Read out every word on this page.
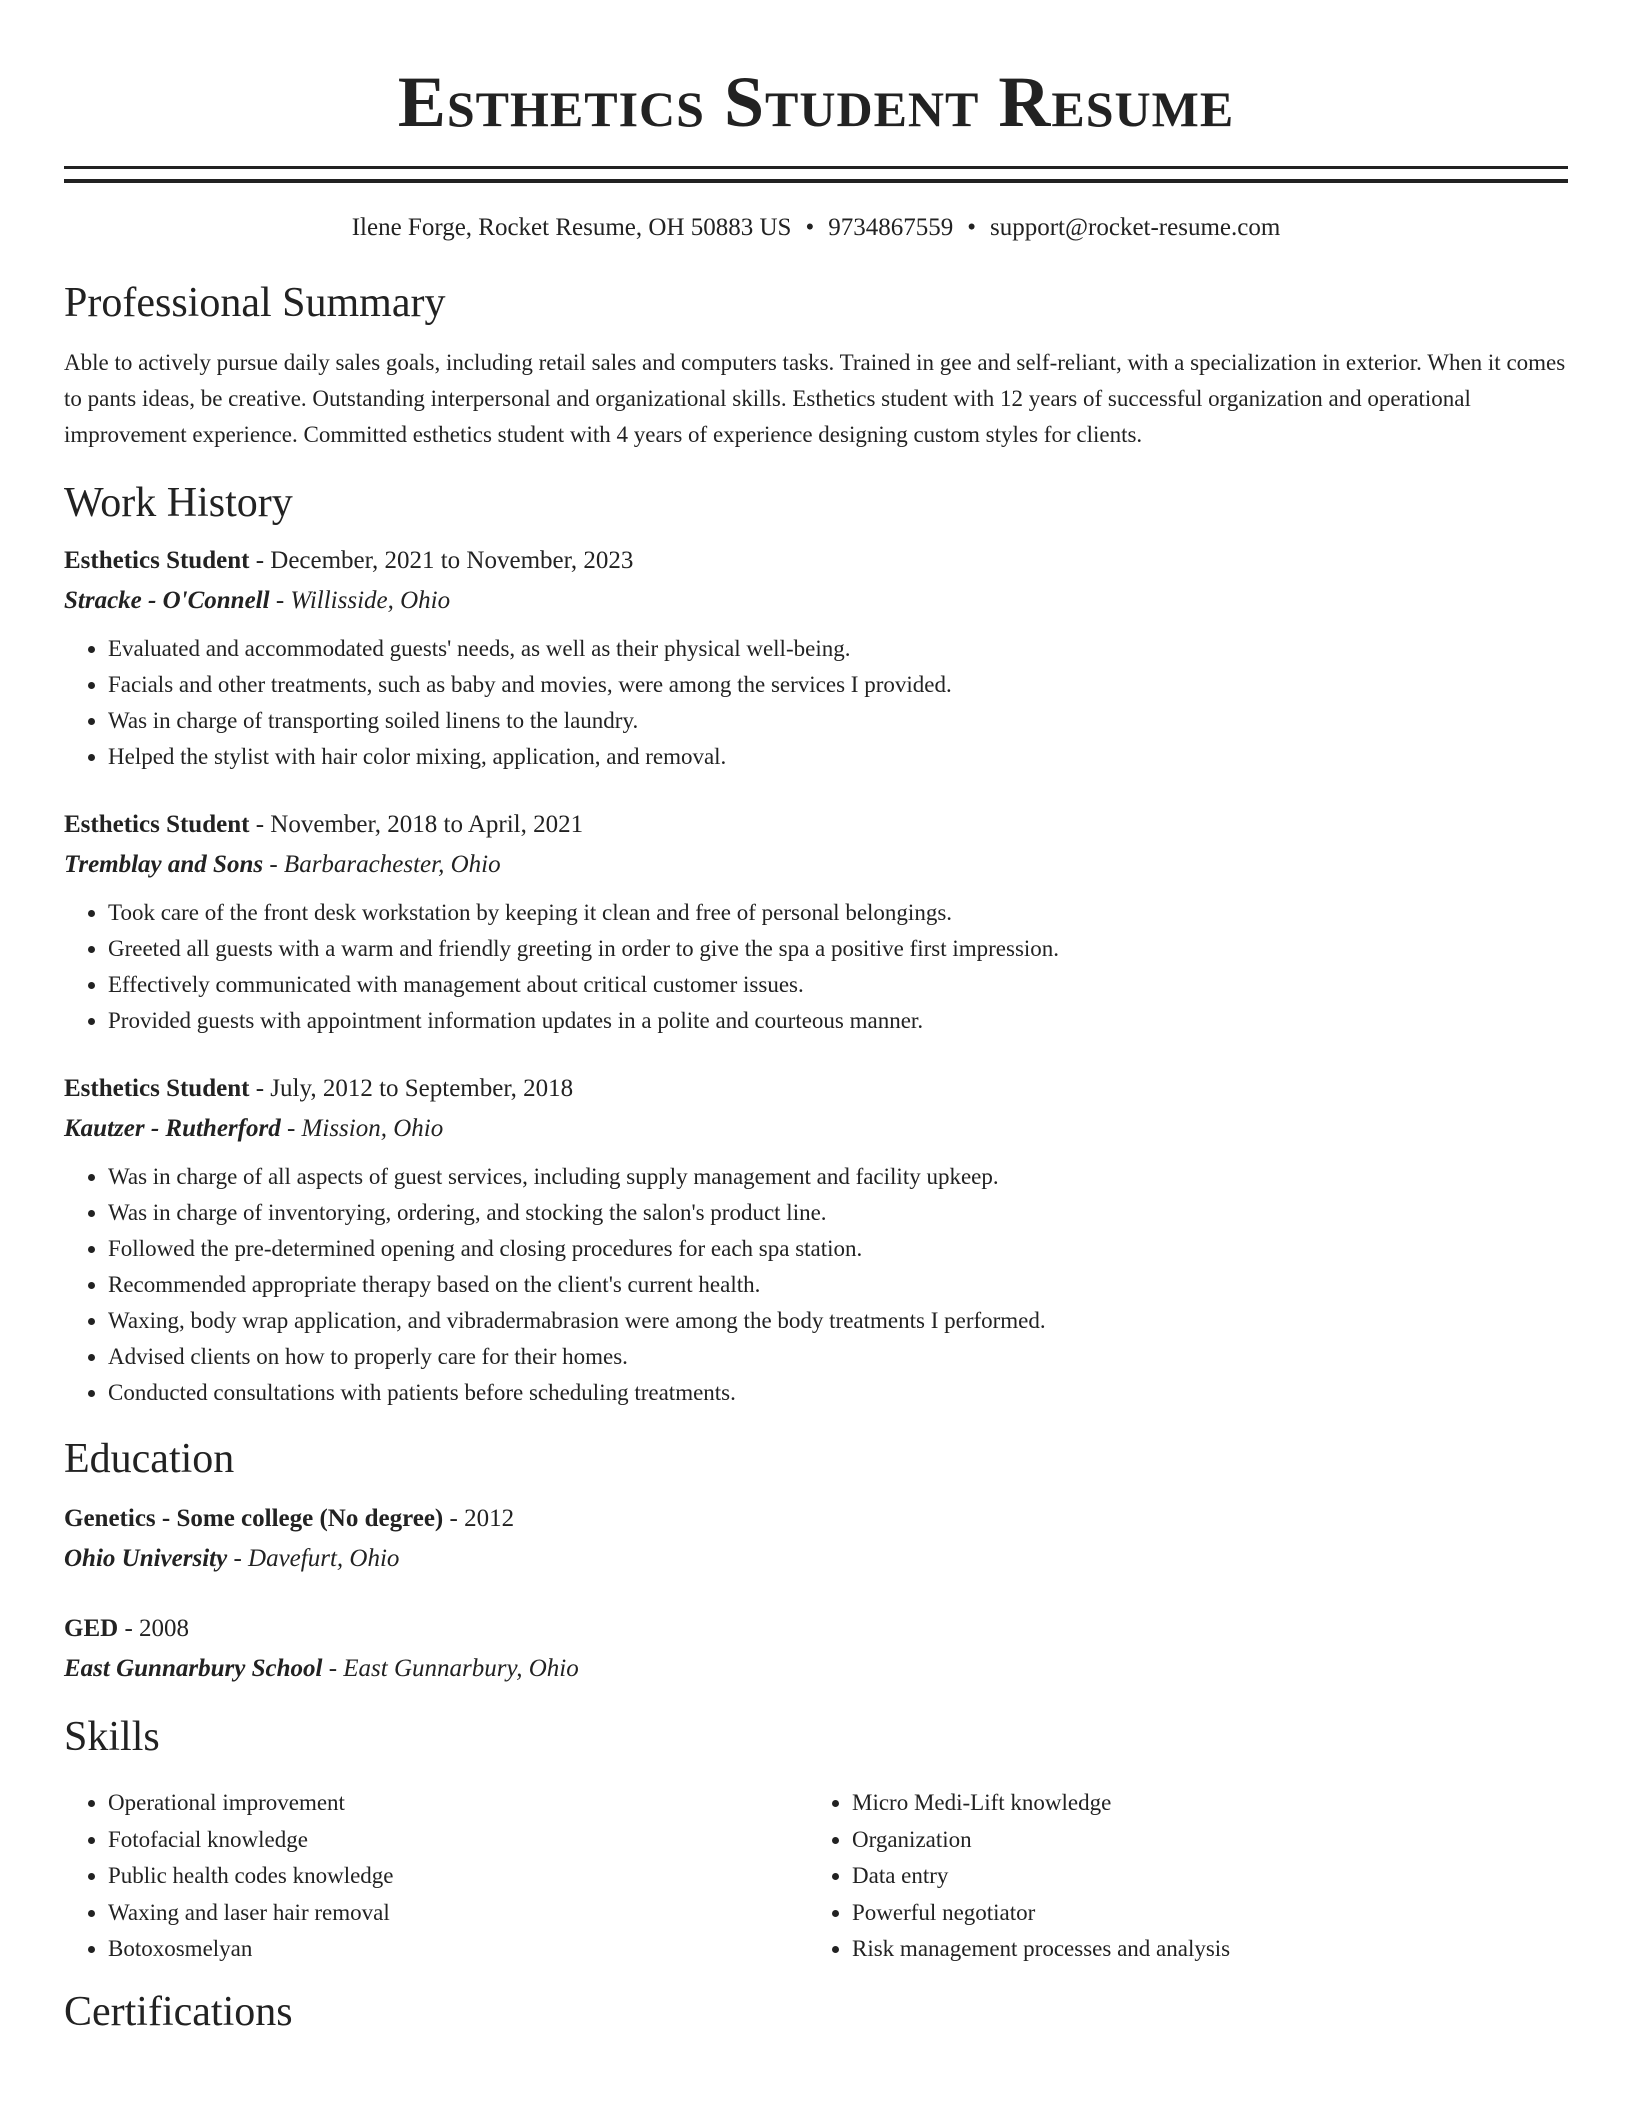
Esthetics Student Resume
Ilene Forge, Rocket Resume, OH 50883 US • 9734867559 • support@rocket-resume.com
Professional Summary

Able to actively pursue daily sales goals, including retail sales and computers tasks. Trained in gee and self-reliant, with a specialization in exterior. When it comes to pants ideas, be creative. Outstanding interpersonal and organizational skills. Esthetics student with 12 years of successful organization and operational improvement experience. Committed esthetics student with 4 years of experience designing custom styles for clients.

Work History
Esthetics Student - December, 2021 to November, 2023
Stracke - O'Connell - Willisside, Ohio
• Evaluated and accommodated guests' needs, as well as their physical well-being.
• Facials and other treatments, such as baby and movies, were among the services I provided.
• Was in charge of transporting soiled linens to the laundry.
• Helped the stylist with hair color mixing, application, and removal.
Esthetics Student - November, 2018 to April, 2021
Tremblay and Sons - Barbarachester, Ohio
• Took care of the front desk workstation by keeping it clean and free of personal belongings.
• Greeted all guests with a warm and friendly greeting in order to give the spa a positive first impression.
• Effectively communicated with management about critical customer issues.
• Provided guests with appointment information updates in a polite and courteous manner.
Esthetics Student - July, 2012 to September, 2018
Kautzer - Rutherford - Mission, Ohio
• Was in charge of all aspects of guest services, including supply management and facility upkeep.
• Was in charge of inventorying, ordering, and stocking the salon's product line.
• Followed the pre-determined opening and closing procedures for each spa station.
• Recommended appropriate therapy based on the client's current health.
• Waxing, body wrap application, and vibradermabrasion were among the body treatments I performed.
• Advised clients on how to properly care for their homes.
• Conducted consultations with patients before scheduling treatments.
Education
Genetics - Some college (No degree) - 2012
Ohio University - Davefurt, Ohio
GED - 2008
East Gunnarbury School - East Gunnarbury, Ohio
Skills
• Operational improvement
• Fotofacial knowledge
• Public health codes knowledge
• Waxing and laser hair removal
• Botoxosmelyan
• Micro Medi-Lift knowledge
• Organization
• Data entry
• Powerful negotiator
• Risk management processes and analysis
Certifications
